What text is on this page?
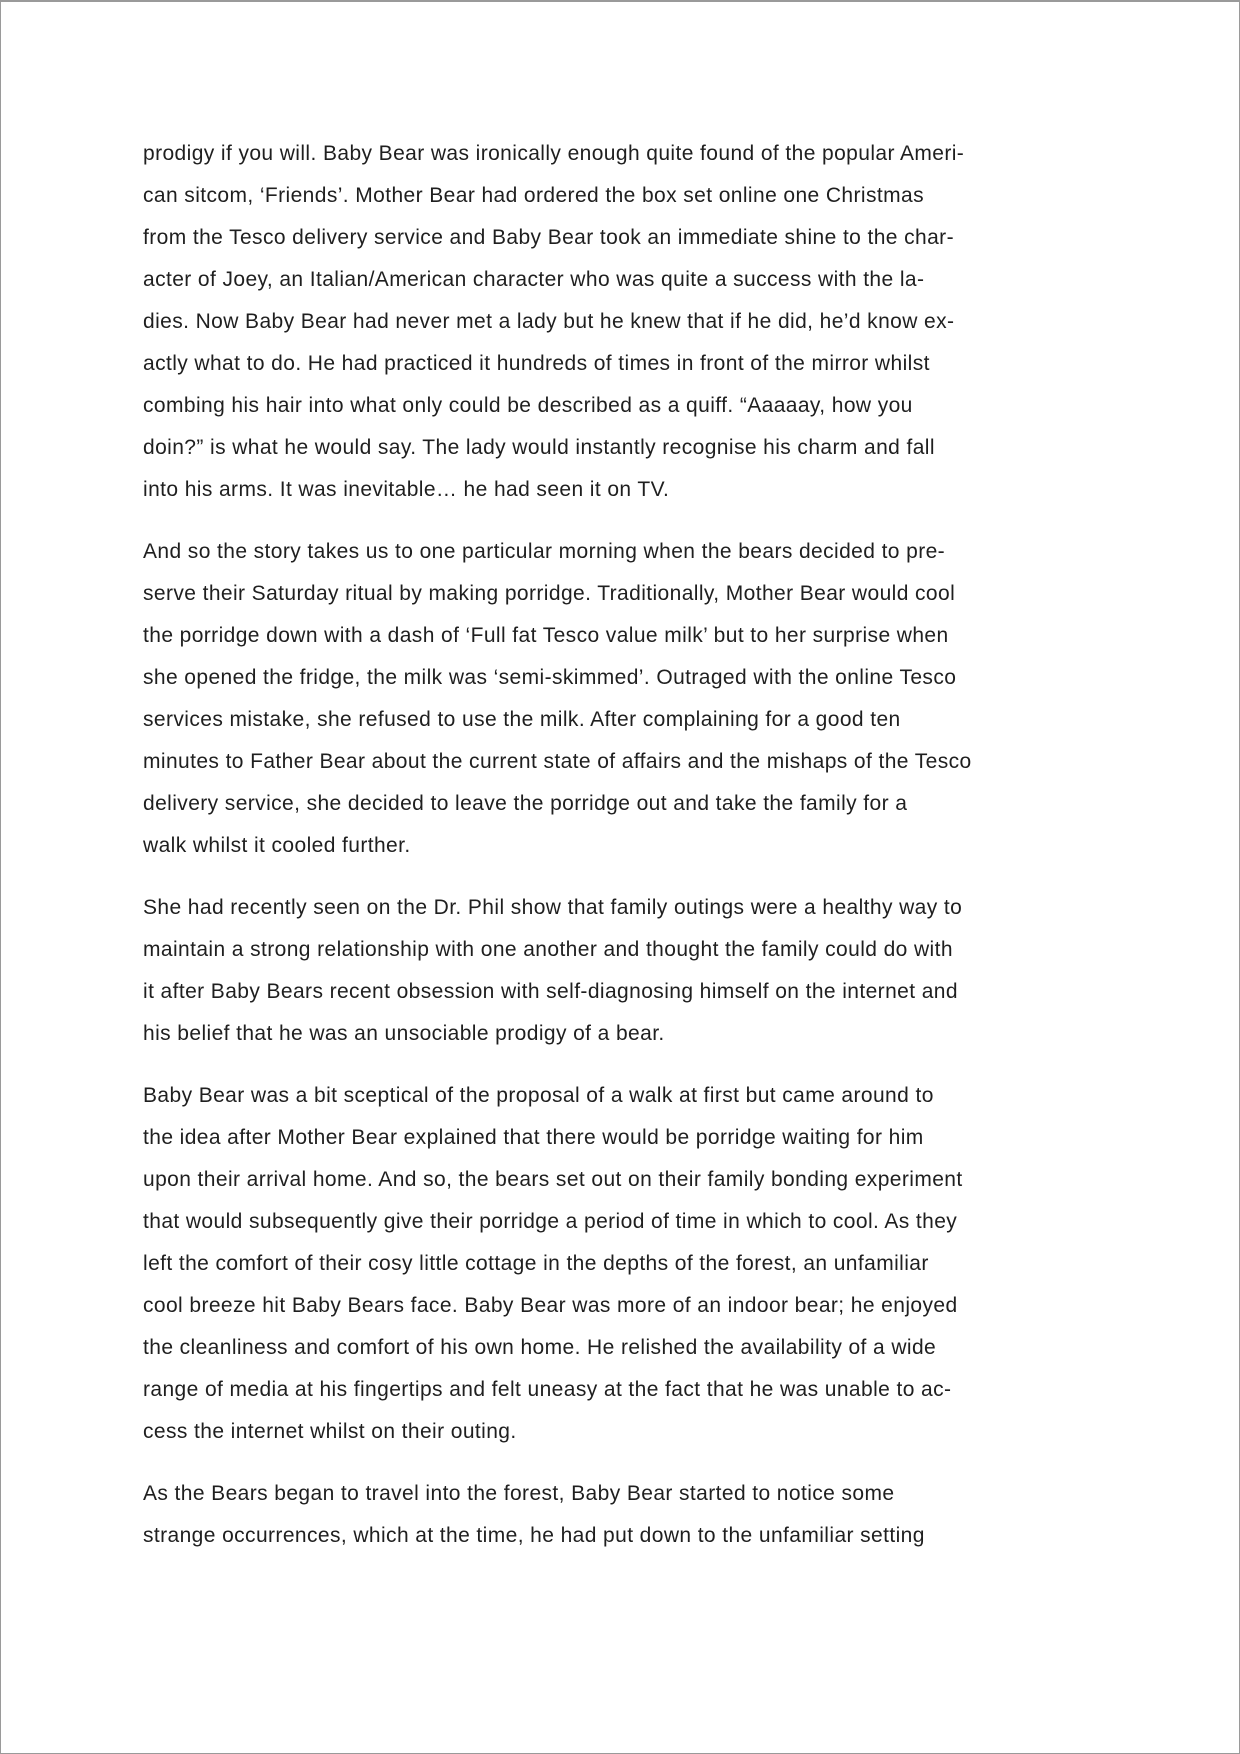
prodigy if you will. Baby Bear was ironically enough quite found of the popular Ameri-
can sitcom, ‘Friends’. Mother Bear had ordered the box set online one Christmas
from the Tesco delivery service and Baby Bear took an immediate shine to the char-
acter of Joey, an Italian/American character who was quite a success with the la-
dies. Now Baby Bear had never met a lady but he knew that if he did, he’d know ex-
actly what to do. He had practiced it hundreds of times in front of the mirror whilst
combing his hair into what only could be described as a quiff. “Aaaaay, how you
doin?” is what he would say. The lady would instantly recognise his charm and fall
into his arms. It was inevitable… he had seen it on TV.

And so the story takes us to one particular morning when the bears decided to pre-
serve their Saturday ritual by making porridge. Traditionally, Mother Bear would cool
the porridge down with a dash of ‘Full fat Tesco value milk’ but to her surprise when
she opened the fridge, the milk was ‘semi-skimmed’. Outraged with the online Tesco
services mistake, she refused to use the milk. After complaining for a good ten
minutes to Father Bear about the current state of affairs and the mishaps of the Tesco
delivery service, she decided to leave the porridge out and take the family for a
walk whilst it cooled further.

She had recently seen on the Dr. Phil show that family outings were a healthy way to
maintain a strong relationship with one another and thought the family could do with
it after Baby Bears recent obsession with self-diagnosing himself on the internet and
his belief that he was an unsociable prodigy of a bear.

Baby Bear was a bit sceptical of the proposal of a walk at first but came around to
the idea after Mother Bear explained that there would be porridge waiting for him
upon their arrival home. And so, the bears set out on their family bonding experiment
that would subsequently give their porridge a period of time in which to cool. As they
left the comfort of their cosy little cottage in the depths of the forest, an unfamiliar
cool breeze hit Baby Bears face. Baby Bear was more of an indoor bear; he enjoyed
the cleanliness and comfort of his own home. He relished the availability of a wide
range of media at his fingertips and felt uneasy at the fact that he was unable to ac-
cess the internet whilst on their outing.

As the Bears began to travel into the forest, Baby Bear started to notice some
strange occurrences, which at the time, he had put down to the unfamiliar setting
